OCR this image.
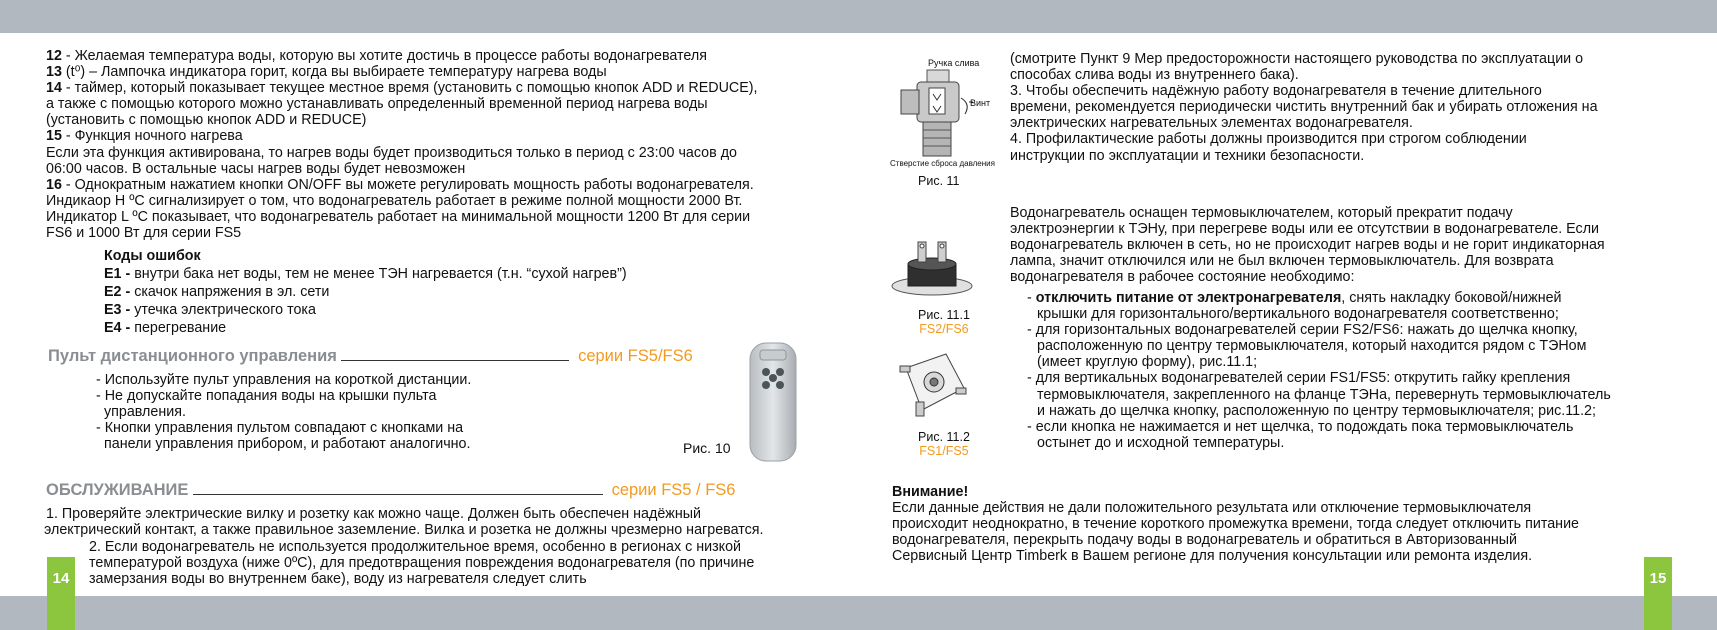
14	15
12 - Желаемая температура воды, которую вы хотите достичь в процессе работы водонагревателя
13 (t⁰) – Лампочка индикатора горит, когда вы выбираете температуру нагрева воды
14 - таймер, который показывает текущее местное время (установить с помощью кнопок ADD и REDUCE),
а также с помощью которого можно устанавливать определенный временной период нагрева воды
(установить с помощью кнопок ADD и REDUCE)
15 - Функция ночного нагрева
Если эта функция активирована, то нагрев воды будет производиться только в период с 23:00 часов до
06:00 часов. В остальные часы нагрев воды будет невозможен
16 - Однократным нажатием кнопки ON/OFF вы можете регулировать мощность работы водонагревателя.
Индикаор H ºC сигнализирует о том, что водонагреватель работает в режиме полной мощности 2000 Вт.
Индикатор L ºC показывает, что водонагреватель работает на минимальной мощности 1200 Вт для серии
FS6 и 1000 Вт для серии FS5
Коды ошибок
E1 - внутри бака нет воды, тем не менее ТЭН нагревается (т.н. “сухой нагрев”)
E2 - скачок напряжения в эл. сети
E3 - утечка электрического тока
E4 - перегревание
Пульт дистанционного управления	серии FS5/FS6
- Используйте пульт управления на короткой дистанции.
- Не допускайте попадания воды на крышки пульта
управления.
- Кнопки управления пультом совпадают с кнопками на
панели управления прибором, и работают аналогично.	Рис. 10
ОБСЛУЖИВАНИЕ	серии FS5 / FS6
1. Проверяйте электрические вилку и розетку как можно чаще. Должен быть обеспечен надёжный
электрический контакт, а также правильное заземление. Вилка и розетка не должны чрезмерно нагреватся.
2. Если водонагреватель не используется продолжительное время, особенно в регионах с низкой
температурой воздуха (ниже 0ºC), для предотвращения повреждения водонагревателя (по причине
замерзания воды во внутреннем баке), воду из нагревателя следует слить
Ручка слива
Винт
Стверстие сброса давления
Рис. 11
(смотрите Пункт 9 Мер предосторожности настоящего руководства по эксплуатации о
способах слива воды из внутреннего бака).
3. Чтобы обеспечить надёжную работу водонагревателя в течение длительного
времени, рекомендуется периодически чистить внутренний бак и убирать отложения на
электрических нагревательных элементах водонагревателя.
4. Профилактические работы должны производится при строгом соблюдении
инструкции по эксплуатации и техники безопасности.
Водонагреватель оснащен термовыключателем, который прекратит подачу
электроэнергии к ТЭНу, при перегреве воды или ее отсутствии в водонагревателе. Если
водонагреватель включен в сеть, но не происходит нагрев воды и не горит индикаторная
лампа, значит отключился или не был включен термовыключатель. Для возврата
водонагревателя в рабочее состояние необходимо:
- отключить питание от электронагревателя, снять накладку боковой/нижней
крышки для горизонтального/вертикального водонагревателя соответственно;
- для горизонтальных водонагревателей серии FS2/FS6: нажать до щелчка кнопку,
расположенную по центру термовыключателя, который находится рядом с ТЭНом
(имеет круглую форму), рис.11.1;
- для вертикальных водонагревателей серии FS1/FS5: открутить гайку крепления
термовыключателя, закрепленного на фланце ТЭНа, перевернуть термовыключатель
и нажать до щелчка кнопку, расположенную по центру термовыключателя; рис.11.2;
- если кнопка не нажимается и нет щелчка, то подождать пока термовыключатель
остынет до и исходной температуры.
Рис. 11.1
FS2/FS6
Рис. 11.2
FS1/FS5
Внимание!
Если данные действия не дали положительного результата или отключение термовыключателя
происходит неоднократно, в течение короткого промежутка времени, тогда следует отключить питание
водонагревателя, перекрыть подачу воды в водонагреватель и обратиться в Авторизованный
Сервисный Центр Timberk в Вашем регионе для получения консультации или ремонта изделия.
